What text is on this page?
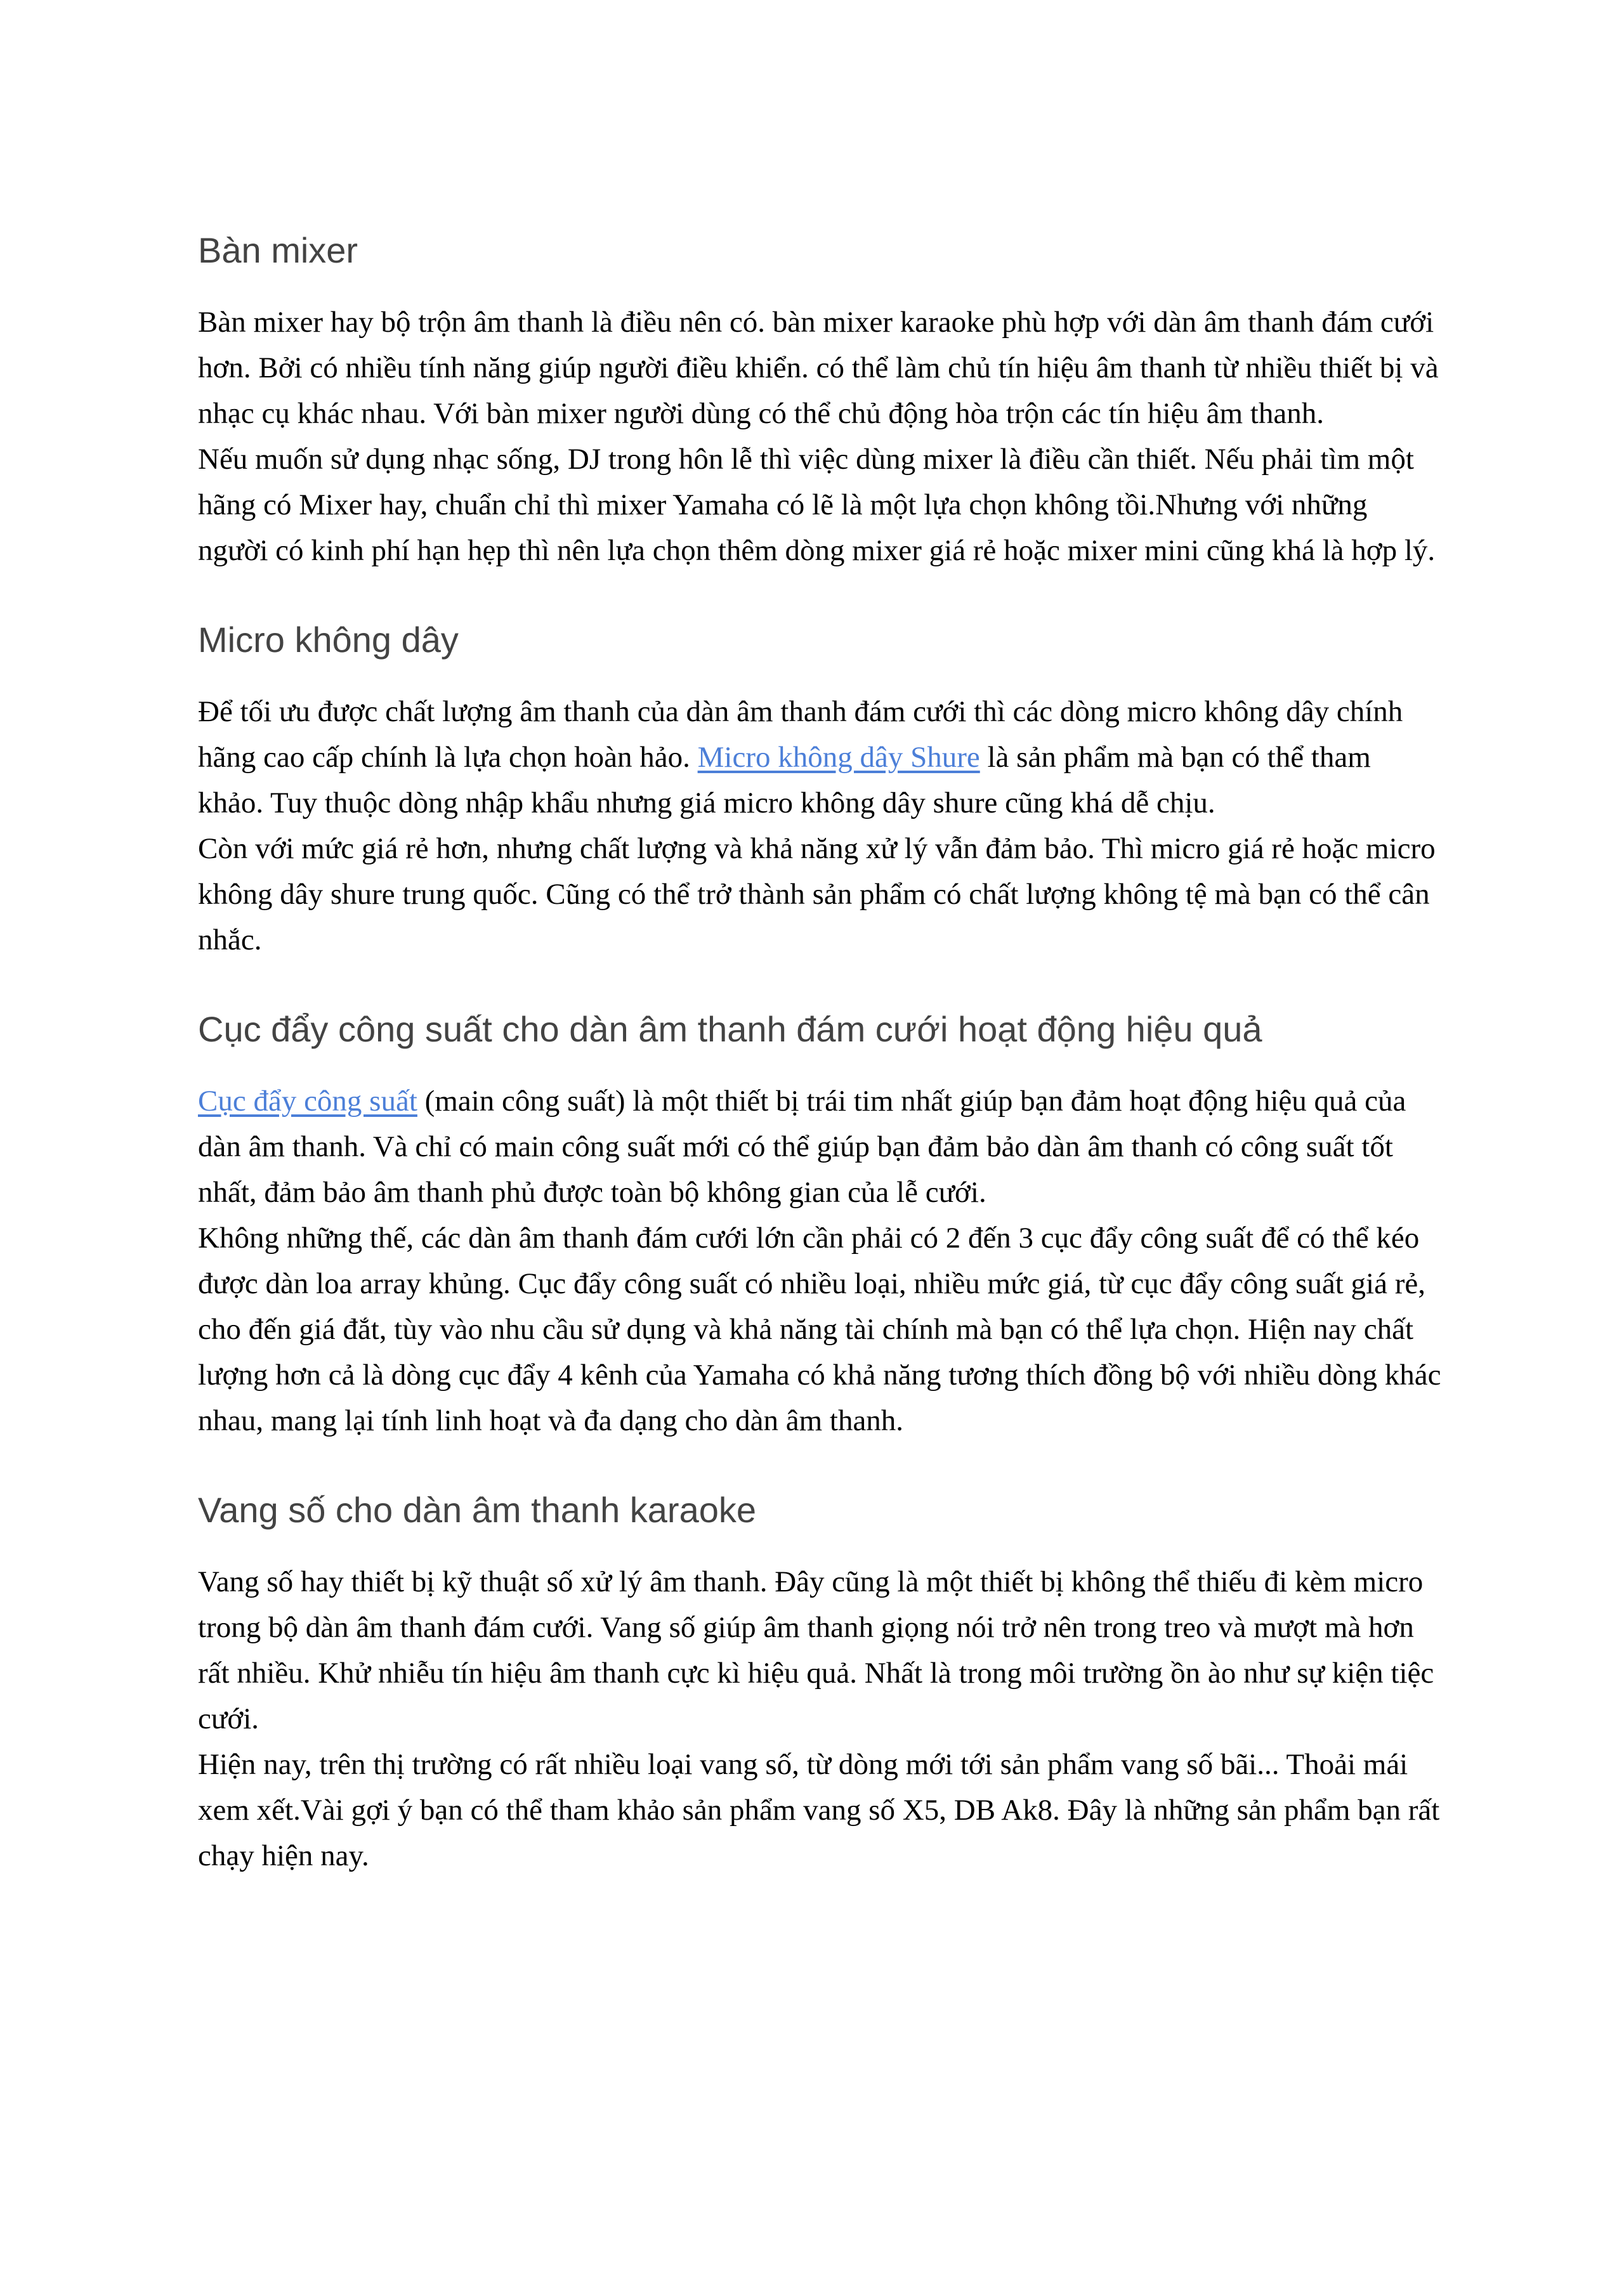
Bàn mixer

Bàn mixer hay bộ trộn âm thanh là điều nên có. bàn mixer karaoke phù hợp với dàn âm thanh đám cưới hơn. Bởi có nhiều tính năng giúp người điều khiển. có thể làm chủ tín hiệu âm thanh từ nhiều thiết bị và nhạc cụ khác nhau. Với bàn mixer người dùng có thể chủ động hòa trộn các tín hiệu âm thanh.

Nếu muốn sử dụng nhạc sống, DJ trong hôn lễ thì việc dùng mixer là điều cần thiết. Nếu phải tìm một hãng có Mixer hay, chuẩn chỉ thì mixer Yamaha có lẽ là một lựa chọn không tồi.Nhưng với những người có kinh phí hạn hẹp thì nên lựa chọn thêm dòng mixer giá rẻ hoặc mixer mini cũng khá là hợp lý.

Micro không dây

Để tối ưu được chất lượng âm thanh của dàn âm thanh đám cưới thì các dòng micro không dây chính hãng cao cấp chính là lựa chọn hoàn hảo. Micro không dây Shure là sản phẩm mà bạn có thể tham khảo. Tuy thuộc dòng nhập khẩu nhưng giá micro không dây shure cũng khá dễ chịu.

Còn với mức giá rẻ hơn, nhưng chất lượng và khả năng xử lý vẫn đảm bảo. Thì micro giá rẻ hoặc micro không dây shure trung quốc. Cũng có thể trở thành sản phẩm có chất lượng không tệ mà bạn có thể cân nhắc.

Cục đẩy công suất cho dàn âm thanh đám cưới hoạt động hiệu quả

Cục đẩy công suất (main công suất) là một thiết bị trái tim nhất giúp bạn đảm hoạt động hiệu quả của dàn âm thanh. Và chỉ có main công suất mới có thể giúp bạn đảm bảo dàn âm thanh có công suất tốt nhất, đảm bảo âm thanh phủ được toàn bộ không gian của lễ cưới.

Không những thế, các dàn âm thanh đám cưới lớn cần phải có 2 đến 3 cục đẩy công suất để có thể kéo được dàn loa array khủng. Cục đẩy công suất có nhiều loại, nhiều mức giá, từ cục đẩy công suất giá rẻ, cho đến giá đắt, tùy vào nhu cầu sử dụng và khả năng tài chính mà bạn có thể lựa chọn. Hiện nay chất lượng hơn cả là dòng cục đẩy 4 kênh của Yamaha có khả năng tương thích đồng bộ với nhiều dòng khác nhau, mang lại tính linh hoạt và đa dạng cho dàn âm thanh.

Vang số cho dàn âm thanh karaoke

Vang số hay thiết bị kỹ thuật số xử lý âm thanh. Đây cũng là một thiết bị không thể thiếu đi kèm micro trong bộ dàn âm thanh đám cưới. Vang số giúp âm thanh giọng nói trở nên trong treo và mượt mà hơn rất nhiều. Khử nhiễu tín hiệu âm thanh cực kì hiệu quả. Nhất là trong môi trường ồn ào như sự kiện tiệc cưới.

Hiện nay, trên thị trường có rất nhiều loại vang số, từ dòng mới tới sản phẩm vang số bãi... Thoải mái xem xết.Vài gợi ý bạn có thể tham khảo sản phẩm vang số X5, DB Ak8. Đây là những sản phẩm bạn rất chạy hiện nay.
